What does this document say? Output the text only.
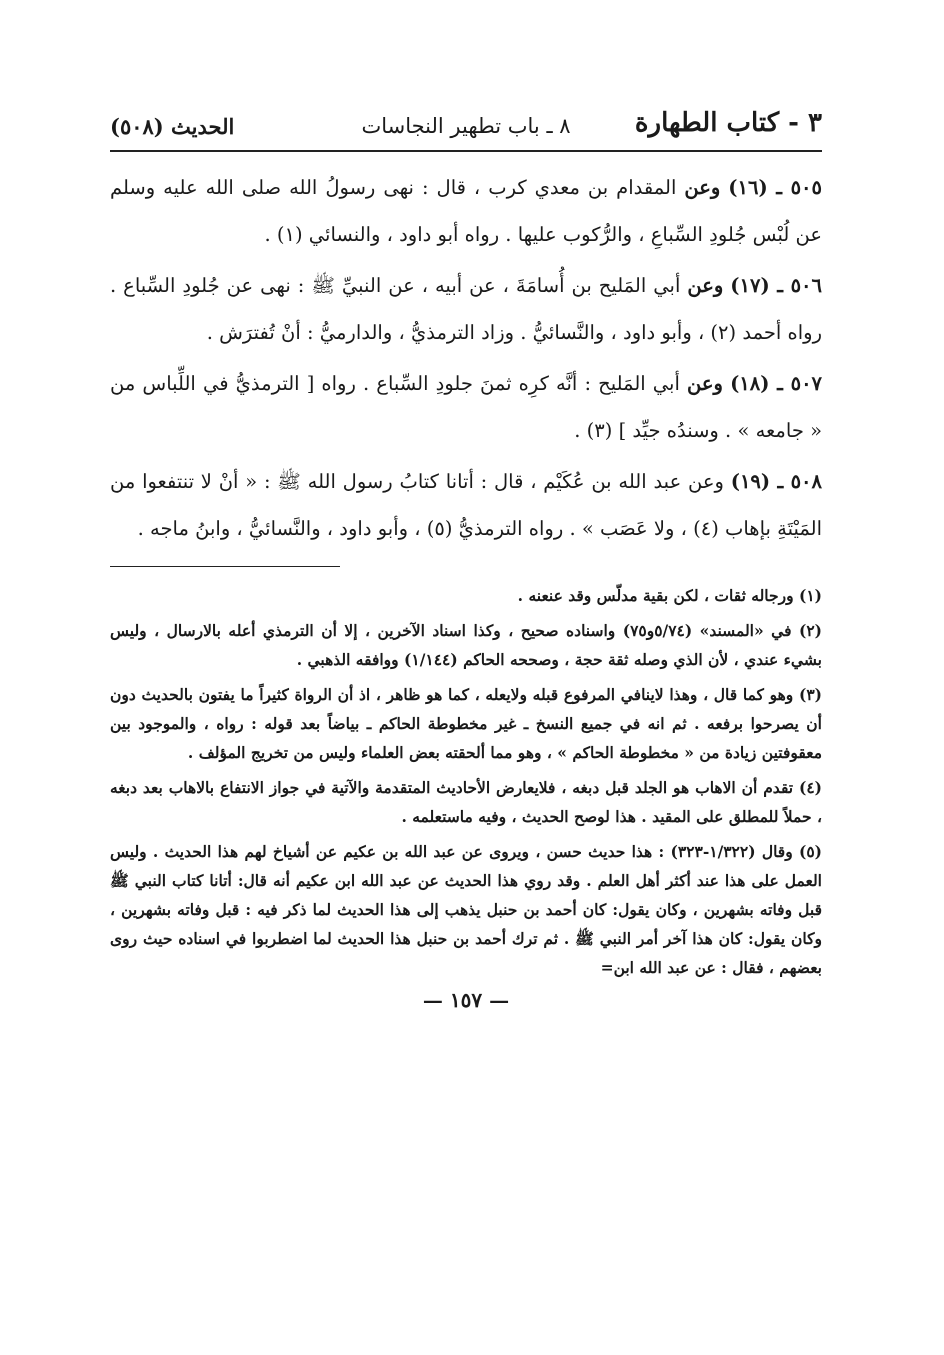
٣ - كتاب الطهارة
٨ ـ باب تطهير النجاسات
الحديث (٥٠٨)

٥٠٥ ـ (١٦) وعن المقدام بن معدي كرب ، قال : نهى رسولُ الله صلى الله عليه وسلم عن لُبْس جُلودِ السِّباعِ ، والرُّكوب عليها . رواه أبو داود ، والنسائي (١) .

٥٠٦ ـ (١٧) وعن أبي المَليح بن أُسامَةَ ، عن أبيه ، عن النبيِّ ﷺ : نهى عن جُلودِ السِّباع . رواه أحمد (٢) ، وأبو داود ، والنَّسائيُّ . وزاد الترمذيُّ ، والدارميُّ : أنْ تُفترَش .

٥٠٧ ـ (١٨) وعن أبي المَليح : أنَّه كرِه ثمنَ جلودِ السِّباع . رواه [ الترمذيُّ في اللِّباس من « جامعه » . وسندُه جيِّد ] (٣) .

٥٠٨ ـ (١٩) وعن عبد الله بن عُكَيْم ، قال : أتانا كتابُ رسول الله ﷺ : « أنْ لا تنتفعوا من المَيْتَةِ بإهاب (٤) ، ولا عَصَب » . رواه الترمذيُّ (٥) ، وأبو داود ، والنَّسائيُّ ، وابنُ ماجه .

(١) ورجاله ثقات ، لكن بقية مدلّس وقد عنعنه .

(٢) في «المسند» (٥/٧٤و٧٥) واسناده صحيح ، وكذا اسناد الآخرين ، إلا أن الترمذي أعله بالارسال ، وليس بشيء عندي ، لأن الذي وصله ثقة حجة ، وصححه الحاكم (١/١٤٤) ووافقه الذهبي .

(٣) وهو كما قال ، وهذا لاينافي المرفوع قبله ولايعله ، كما هو ظاهر ، اذ أن الرواة كثيراً ما يفتون بالحديث دون أن يصرحوا برفعه . ثم انه في جميع النسخ ـ غير مخطوطة الحاكم ـ بياضاً بعد قوله : رواه ، والموجود بين معقوفتين زيادة من « مخطوطة الحاكم » ، وهو مما ألحقته بعض العلماء وليس من تخريج المؤلف .

(٤) تقدم أن الاهاب هو الجلد قبل دبغه ، فلايعارض الأحاديث المتقدمة والآتية في جواز الانتفاع بالاهاب بعد دبغه ، حملاً للمطلق على المقيد . هذا لوصح الحديث ، وفيه ماستعلمه .

(٥) وقال (١/٣٢٢-٣٢٣) : هذا حديث حسن ، ويروى عن عبد الله بن عكيم عن أشياخ لهم هذا الحديث . وليس العمل على هذا عند أكثر أهل العلم . وقد روي هذا الحديث عن عبد الله ابن عكيم أنه قال: أتانا كتاب النبي ﷺ قبل وفاته بشهرين ، وكان يقول: كان أحمد بن حنبل يذهب إلى هذا الحديث لما ذكر فيه : قبل وفاته بشهرين ، وكان يقول: كان هذا آخر أمر النبي ﷺ . ثم ترك أحمد بن حنبل هذا الحديث لما اضطربوا في اسناده حيث روى بعضهم ، فقال : عن عبد الله ابن=

— ١٥٧ —
